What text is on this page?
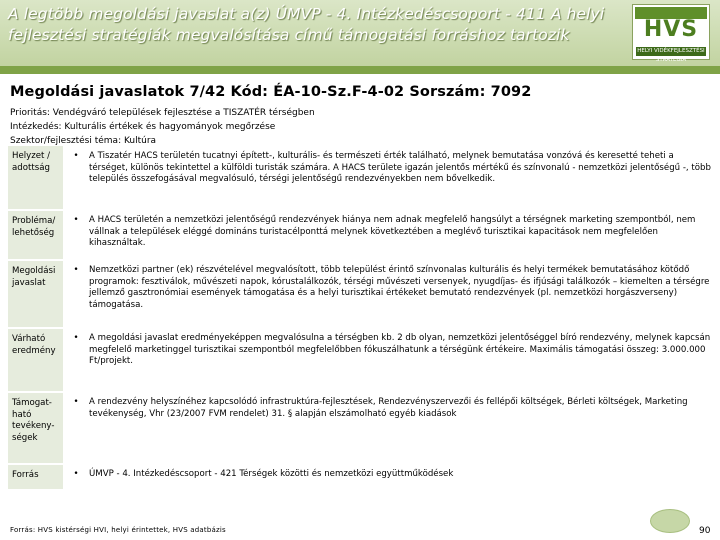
A legtöbb megoldási javaslat a(z) ÚMVP - 4. Intézkedéscsoport - 411 A helyi fejlesztési stratégiák megvalósítása című támogatási forráshoz tartozik	HVS
HELYI VIDÉKFEJLESZTÉSI STRATÉGIA
Megoldási javaslatok 7/42 Kód: ÉA-10-Sz.F-4-02 Sorszám: 7092
Prioritás: Vendégváró települések fejlesztése a TISZATÉR térségben
Intézkedés: Kulturális értékek és hagyományok megőrzése
Szektor/fejlesztési téma: Kultúra
Helyzet / adottság	•	A Tiszatér HACS területén tucatnyi épített-, kulturális- és természeti érték található, melynek bemutatása vonzóvá és keresetté teheti a térséget, különös tekintettel a külföldi turisták számára. A HACS területe igazán jelentős mértékű és színvonalú - nemzetközi jelentőségű -, több település összefogásával megvalósuló, térségi jelentőségű rendezvényekben nem bővelkedik.
Probléma/ lehetőség	•	A HACS területén a nemzetközi jelentőségű rendezvények hiánya nem adnak megfelelő hangsúlyt a térségnek marketing szempontból, nem vállnak a települések eléggé domináns turistacélponttá melynek következtében a meglévő turisztikai kapacitások nem megfelelően kihasználtak.
Megoldási javaslat	•	Nemzetközi partner (ek) részvételével megvalósított, több települést érintő színvonalas kulturális és helyi termékek bemutatásához kötődő programok: fesztiválok, művészeti napok, kórustalálkozók, térségi művészeti versenyek, nyugdíjas- és ifjúsági találkozók – kiemelten a térségre jellemző gasztronómiai események támogatása és a helyi turisztikai értékeket bemutató rendezvények (pl. nemzetközi horgászverseny) támogatása.
Várható eredmény	•	A megoldási javaslat eredményeképpen megvalósulna a térségben kb. 2 db olyan, nemzetközi jelentőséggel bíró rendezvény, melynek kapcsán megfelelő marketinggel turisztikai szempontból megfelelőbben fókuszálhatunk a térségünk értékeire. Maximális támogatási összeg: 3.000.000 Ft/projekt.
Támogat-ható tevékeny-ségek	•	A rendezvény helyszínéhez kapcsolódó infrastruktúra-fejlesztések, Rendezvényszervezői és fellépői költségek, Bérleti költségek, Marketing tevékenység, Vhr (23/2007 FVM rendelet) 31. § alapján elszámolható egyéb kiadások
Forrás	•	ÚMVP - 4. Intézkedéscsoport - 421 Térségek közötti és nemzetközi együttműködések
Forrás: HVS kistérségi HVI, helyi érintettek, HVS adatbázis	90
